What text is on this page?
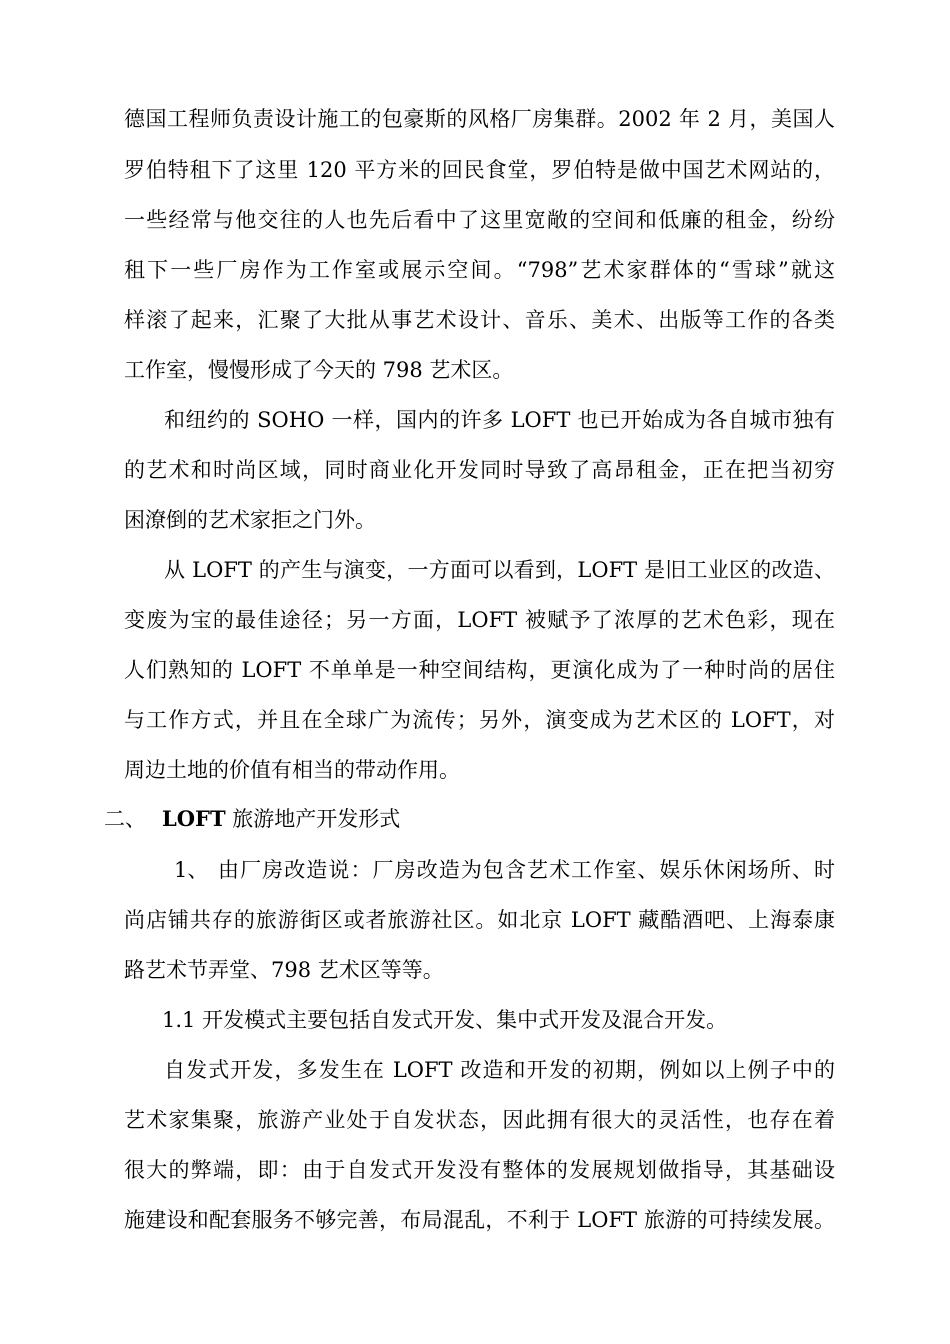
德国工程师负责设计施工的包豪斯的风格厂房集群。2002 年 2 月，美国人
罗伯特租下了这里 120 平方米的回民食堂，罗伯特是做中国艺术网站的，
一些经常与他交往的人也先后看中了这里宽敞的空间和低廉的租金，纷纷
租下一些厂房作为工作室或展示空间。“798”艺术家群体的“雪球”就这
样滚了起来，汇聚了大批从事艺术设计、音乐、美术、出版等工作的各类
工作室，慢慢形成了今天的 798 艺术区。
和纽约的 SOHO 一样，国内的许多 LOFT 也已开始成为各自城市独有
的艺术和时尚区域，同时商业化开发同时导致了高昂租金，正在把当初穷
困潦倒的艺术家拒之门外。
从 LOFT 的产生与演变，一方面可以看到，LOFT 是旧工业区的改造、
变废为宝的最佳途径；另一方面，LOFT 被赋予了浓厚的艺术色彩，现在
人们熟知的 LOFT 不单单是一种空间结构，更演化成为了一种时尚的居住
与工作方式，并且在全球广为流传；另外，演变成为艺术区的 LOFT，对
周边土地的价值有相当的带动作用。
二、 LOFT 旅游地产开发形式
1、 由厂房改造说：厂房改造为包含艺术工作室、娱乐休闲场所、时
尚店铺共存的旅游街区或者旅游社区。如北京 LOFT 藏酷酒吧、上海泰康
路艺术节弄堂、798 艺术区等等。
1.1 开发模式主要包括自发式开发、集中式开发及混合开发。
自发式开发，多发生在 LOFT 改造和开发的初期，例如以上例子中的
艺术家集聚，旅游产业处于自发状态，因此拥有很大的灵活性，也存在着
很大的弊端，即：由于自发式开发没有整体的发展规划做指导，其基础设
施建设和配套服务不够完善，布局混乱，不利于 LOFT 旅游的可持续发展。
